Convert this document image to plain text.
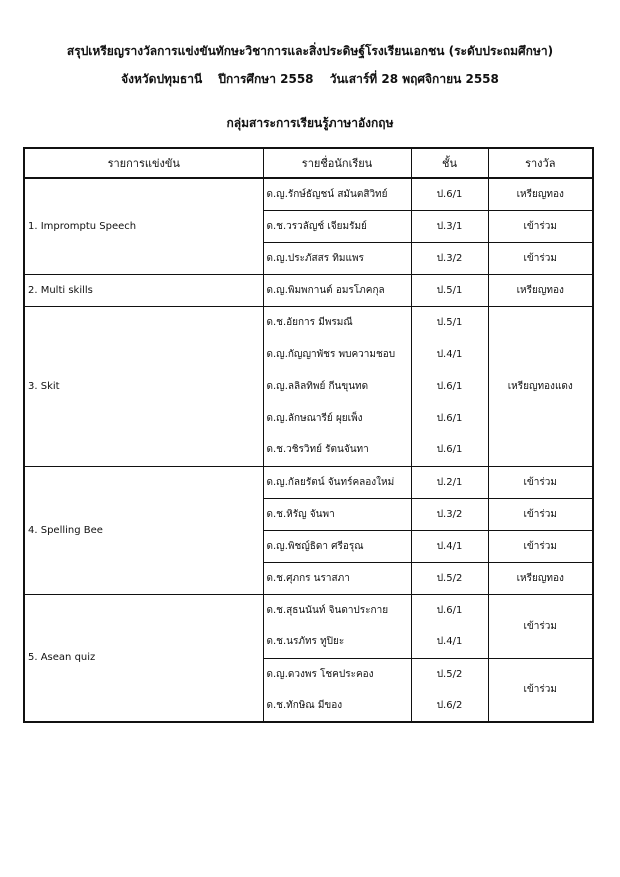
สรุปเหรียญรางวัลการแข่งขันทักษะวิชาการและสิ่งประดิษฐ์โรงเรียนเอกชน (ระดับประถมศึกษา)
จังหวัดปทุมธานี ปีการศึกษา 2558 วันเสาร์ที่ 28 พฤศจิกายน 2558
กลุ่มสาระการเรียนรู้ภาษาอังกฤษ
รายการแข่งขัน	รายชื่อนักเรียน	ชั้น	รางวัล
1. Impromptu Speech	ด.ญ.รักษ์ธัญชน์ สมันตสิวิทย์	ป.6/1	เหรียญทอง
	ด.ช.วรวลัญช์ เจียมรัมย์	ป.3/1	เข้าร่วม
	ด.ญ.ประภัสสร ทิมแพร	ป.3/2	เข้าร่วม
2. Multi skills	ด.ญ.พิมพกานต์ อมรโภคกุล	ป.5/1	เหรียญทอง
3. Skit	ด.ช.อัยการ มีพรมณี	ป.5/1	เหรียญทองแดง
	ด.ญ.กัญญาพัชร พบความชอบ	ป.4/1	
	ด.ญ.ลลิลทิพย์ กีนขุนทด	ป.6/1	
	ด.ญ.ลักษณารีย์ ผุยเพ็ง	ป.6/1	
	ด.ช.วชิรวิทย์ รัตนจันทา	ป.6/1	
4. Spelling Bee	ด.ญ.กัลยรัตน์ จันทร์คลองใหม่	ป.2/1	เข้าร่วม
	ด.ช.หิรัญ จันพา	ป.3/2	เข้าร่วม
	ด.ญ.พิชญ์ธิดา ศรีอรุณ	ป.4/1	เข้าร่วม
	ด.ช.ศุภกร นราสภา	ป.5/2	เหรียญทอง
5. Asean quiz	ด.ช.สุธนนันท์ จินดาประกาย	ป.6/1	เข้าร่วม
	ด.ช.นรภัทร ทูปิยะ	ป.4/1	
	ด.ญ.ดวงพร โชคประคอง	ป.5/2	เข้าร่วม
	ด.ช.ทักษิณ มีของ	ป.6/2	
